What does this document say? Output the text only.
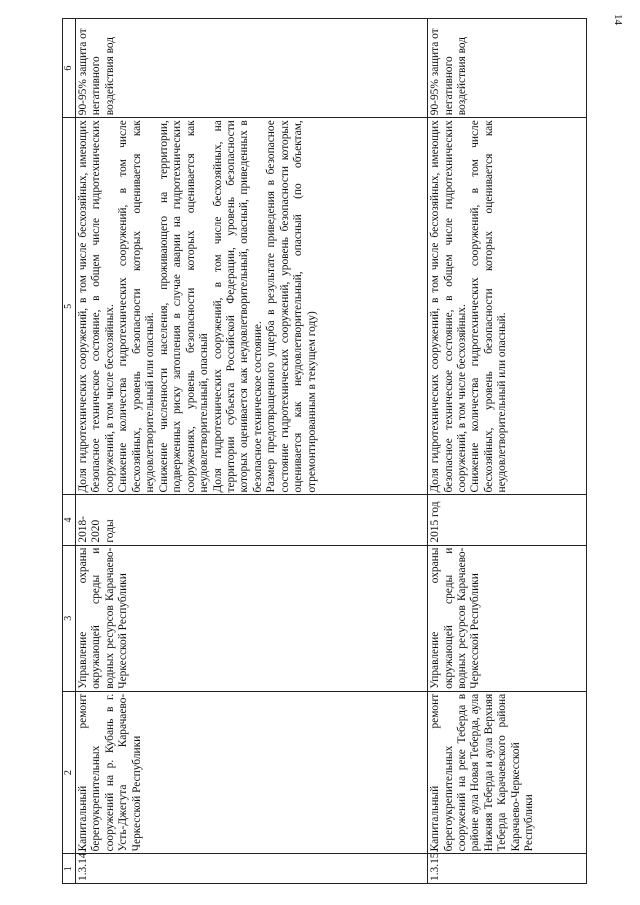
14
1	2	3	4	5	6
1.3.14.	Капитальный ремонт берегоукрепительных сооружений на р. Кубань в г. Усть-Джегута Карачаево-Черкесской Республики	Управление охраны окружающей среды и водных ресурсов Карачаево-Черкесской Республики	2018-2020 годы	Доля гидротехнических сооружений, в том числе бесхозяйных, имеющих безопасное техническое состояние, в общем числе гидротехнических сооружений, в том числе бесхозяйных. Снижение количества гидротехнических сооружений, в том числе бесхозяйных, уровень безопасности которых оценивается как неудовлетворительный или опасный. Снижение численности населения, проживающего на территории, подверженных риску затопления в случае аварии на гидротехнических сооружениях, уровень безопасности которых оценивается как неудовлетворительный, опасный Доля гидротехнических сооружений, в том числе бесхозяйных, на территории субъекта Российской Федерации, уровень безопасности которых оценивается как неудовлетворительный, опасный, приведенных в безопасное техническое состояние. Размер предотвращенного ущерба в результате приведения в безопасное состояние гидротехнических сооружений, уровень безопасности которых оценивается как неудовлетворительный, опасный (по объектам, отремонтированным в текущем году)	90-95% защита от негативного воздействия вод
1.3.15.	Капитальный ремонт берегоукрепительных сооружений на реке Теберда в районе аула Новая Теберда, аула Нижняя Теберда и аула Верхняя Теберда Карачаевского района Карачаево-Черкесской Республики	Управление охраны окружающей среды и водных ресурсов Карачаево-Черкесской Республики	2015 год	Доля гидротехнических сооружений, в том числе бесхозяйных, имеющих безопасное техническое состояние, в общем числе гидротехнических сооружений, в том числе бесхозяйных. Снижение количества гидротехнических сооружений, в том числе бесхозяйных, уровень безопасности которых оценивается как неудовлетворительный или опасный.	90-95% защита от негативного воздействия вод
